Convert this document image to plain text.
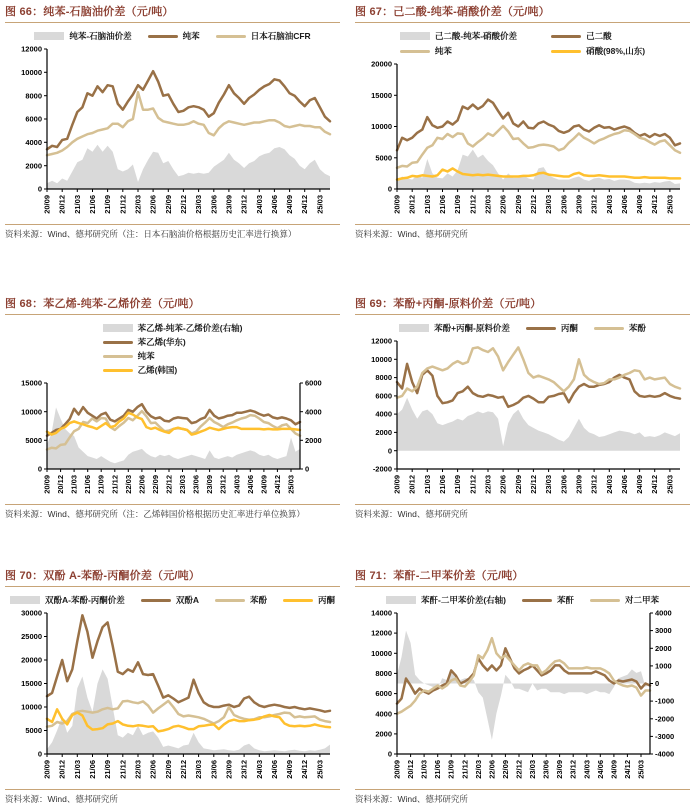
图 66：纯苯-石脑油价差（元/吨）
纯苯-石脑油价差	纯苯	日本石脑油CFR
0
2000
4000
6000
8000
10000
12000
20/09 20/12 21/03 21/06 21/09 21/12 22/03 22/06 22/09 22/12 23/03 23/06 23/09 23/12 24/03 24/06 24/09 24/12 25/03
资料来源：Wind、德邦研究所（注：日本石脑油价格根据历史汇率进行换算）
图 67：己二酸-纯苯-硝酸价差（元/吨）
己二酸-纯苯-硝酸价差	己二酸
纯苯	硝酸(98%,山东)
0
5000
10000
15000
20000
20/09 20/12 21/03 21/06 21/09 21/12 22/03 22/06 22/09 22/12 23/03 23/06 23/09 23/12 24/03 24/06 24/09 24/12 25/03
资料来源：Wind、德邦研究所
图 68：苯乙烯-纯苯-乙烯价差（元/吨）
苯乙烯-纯苯-乙烯价差(右轴)
苯乙烯(华东)
纯苯
乙烯(韩国)
0
5000
10000
15000
0
2000
4000
6000
20/09 20/12 21/03 21/06 21/09 21/12 22/03 22/06 22/09 22/12 23/03 23/06 23/09 23/12 24/03 24/06 24/09 24/12 25/03
资料来源：Wind、德邦研究所（注：乙烯韩国价格根据历史汇率进行单位换算）
图 69：苯酚+丙酮-原料价差（元/吨）
苯酚+丙酮-原料价差	丙酮	苯酚
-2000
0
2000
4000
6000
8000
10000
12000
20/09 20/12 21/03 21/06 21/09 21/12 22/03 22/06 22/09 22/12 23/03 23/06 23/09 23/12 24/03 24/06 24/09 24/12 25/03
资料来源：Wind、德邦研究所
图 70：双酚 A-苯酚-丙酮价差（元/吨）
双酚A-苯酚-丙酮价差	双酚A	苯酚	丙酮
0
5000
10000
15000
20000
25000
30000
20/09 20/12 21/03 21/06 21/09 21/12 22/03 22/06 22/09 22/12 23/03 23/06 23/09 23/12 24/03 24/06 24/09 24/12 25/03
资料来源：Wind、德邦研究所
图 71：苯酐-二甲苯价差（元/吨）
苯酐-二甲苯价差(右轴)	苯酐	对二甲苯
0
2000
4000
6000
8000
10000
12000
14000
-4000
-3000
-2000
-1000
0
1000
2000
3000
4000
20/09 20/12 21/03 21/06 21/09 21/12 22/03 22/06 22/09 22/12 23/03 23/06 23/09 23/12 24/03 24/06 24/09 24/12 25/03
资料来源：Wind、德邦研究所
